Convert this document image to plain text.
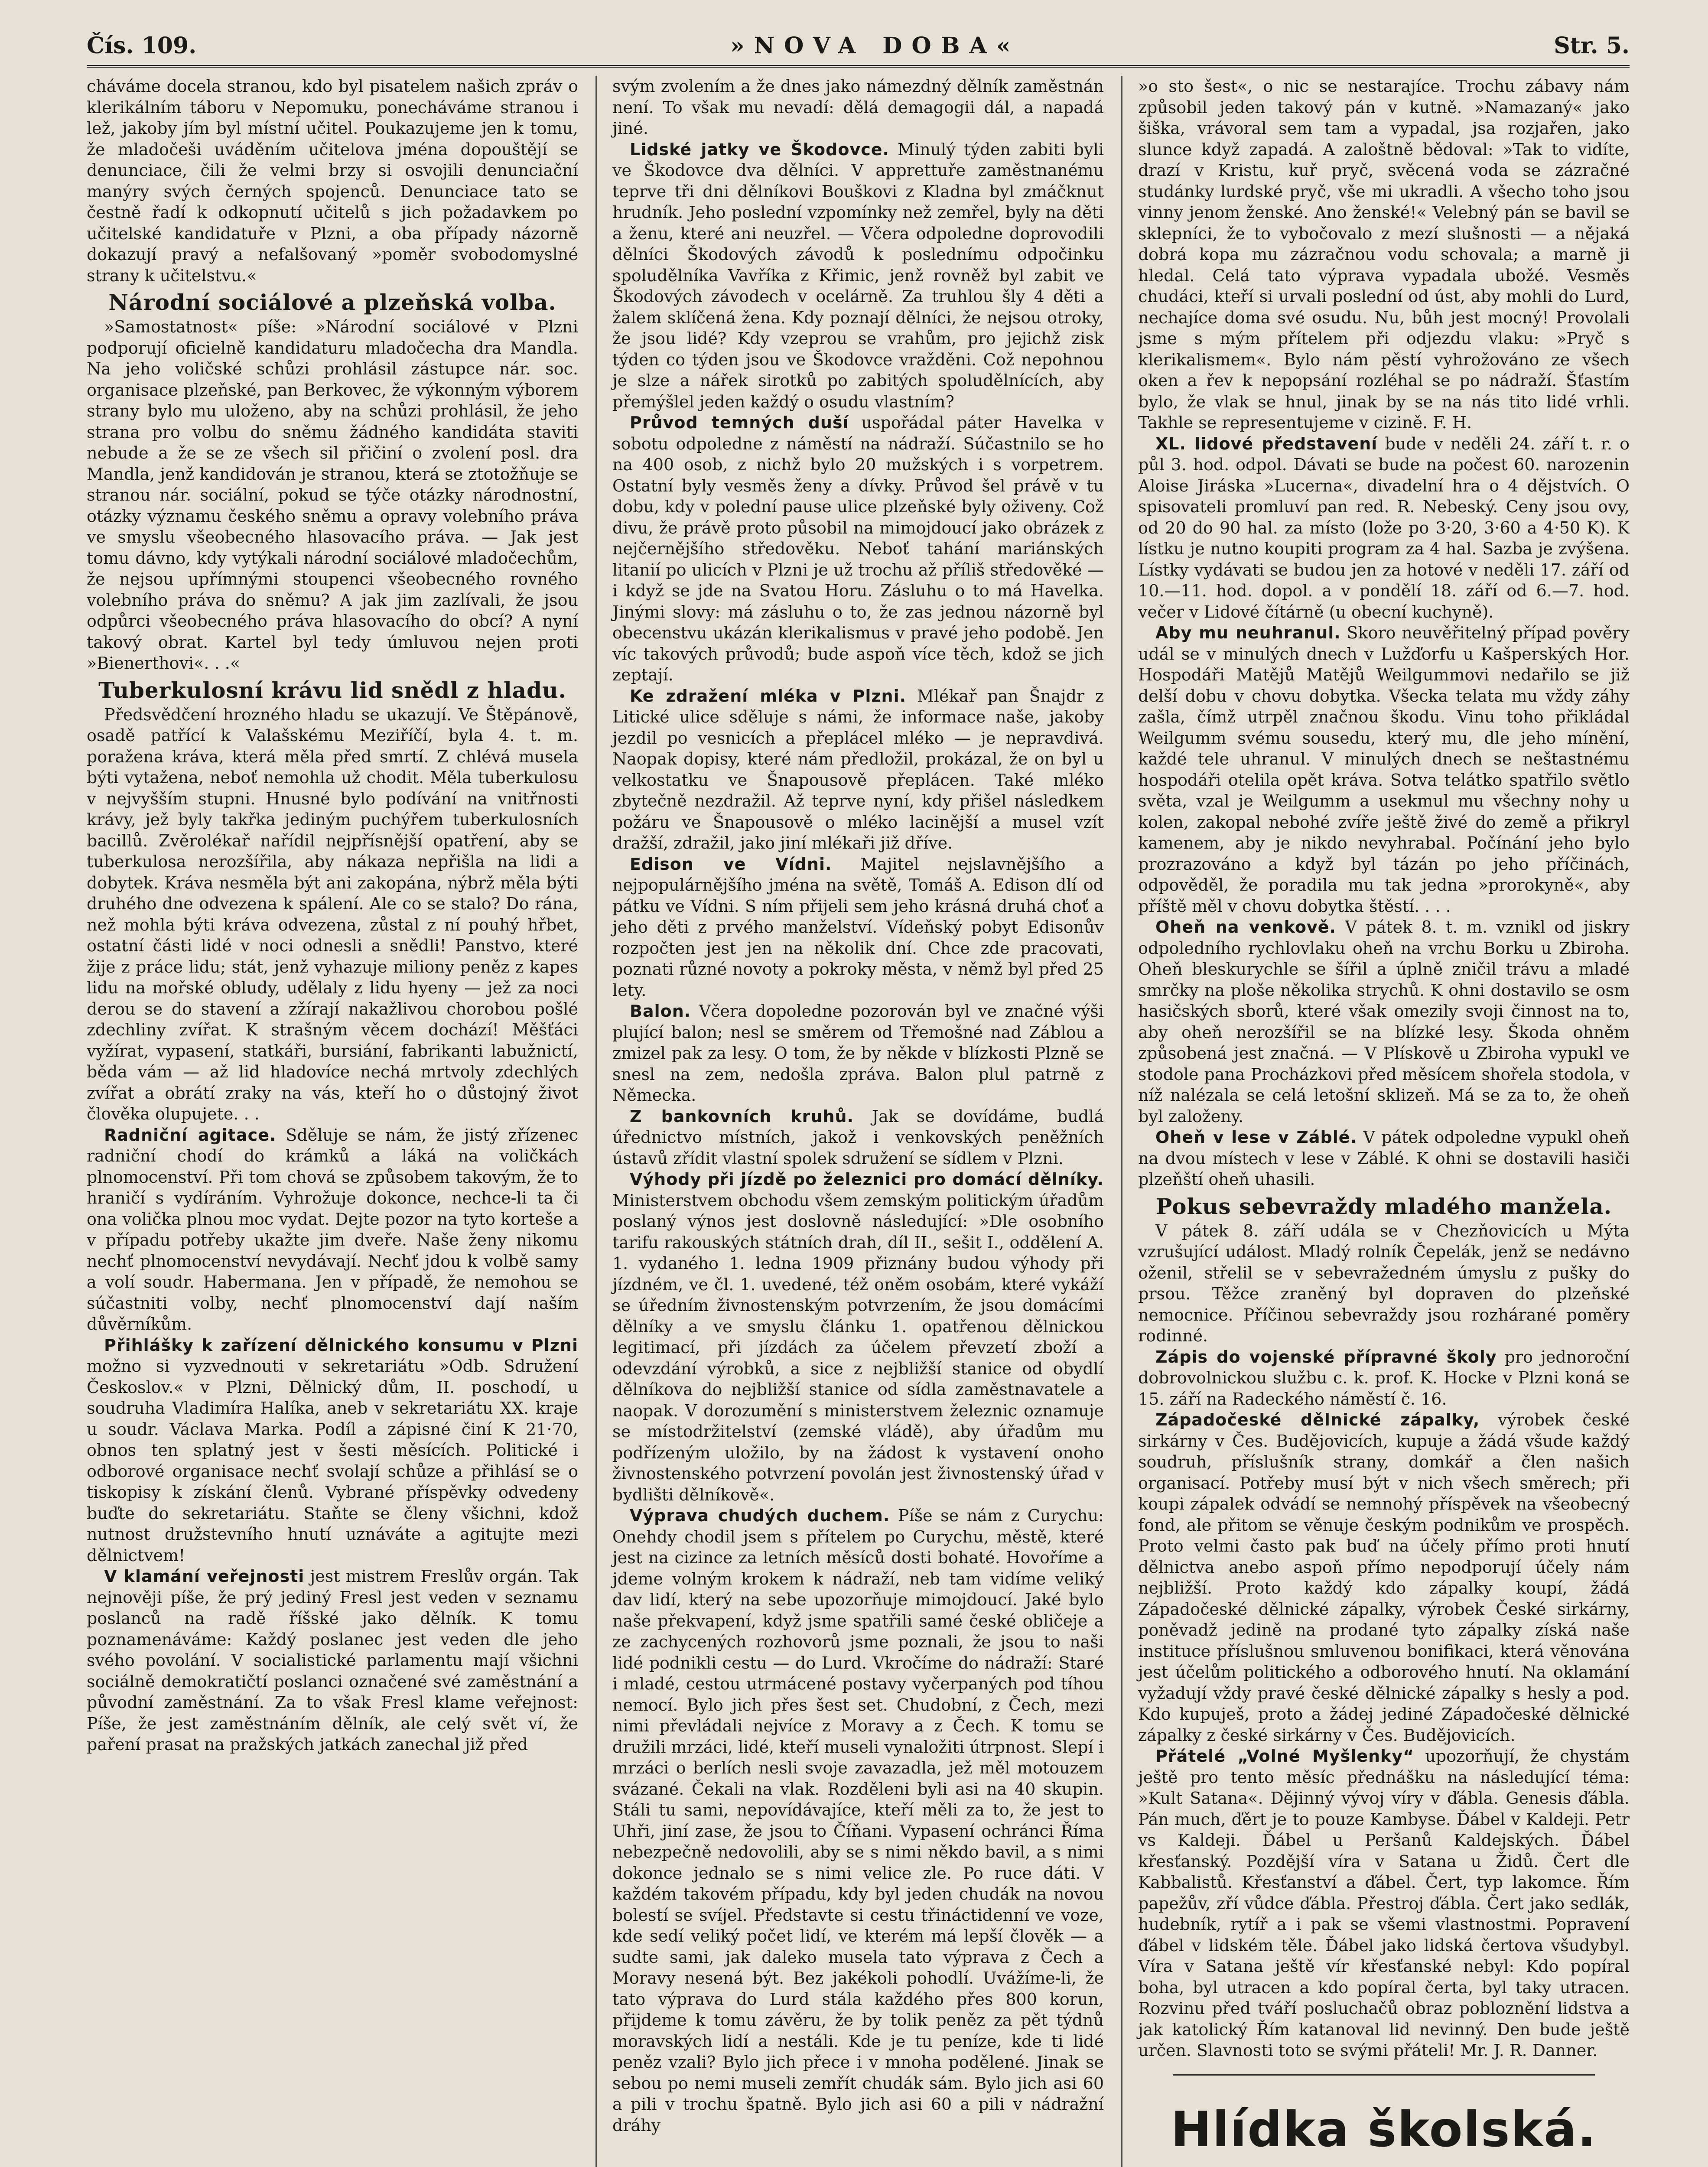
Čís. 109.	»NOVA DOBA«	Str. 5.

cháváme docela stranou, kdo byl pisatelem našich zpráv o klerikálním táboru v Nepomuku, ponecháváme stranou i lež, jakoby jím byl místní učitel. Poukazujeme jen k tomu, že mladočeši uváděním učitelova jména dopouštějí se denunciace, čili že velmi brzy si osvojili denunciační manýry svých černých spojenců. Denunciace tato se čestně řadí k odkopnutí učitelů s jich požadavkem po učitelské kandidatuře v Plzni, a oba případy názorně dokazují pravý a nefalšovaný »poměr svobodomyslné strany k učitelstvu.«

Národní sociálové a plzeňská volba.

»Samostatnost« píše: »Národní sociálové v Plzni podporují oficielně kandidaturu mladočecha dra Mandla. Na jeho voličské schůzi prohlásil zástupce nár. soc. organisace plzeňské, pan Berkovec, že výkonným výborem strany bylo mu uloženo, aby na schůzi prohlásil, že jeho strana pro volbu do sněmu žádného kandidáta staviti nebude a že se ze všech sil přičiní o zvolení posl. dra Mandla, jenž kandidován je stranou, která se ztotožňuje se stranou nár. sociální, pokud se týče otázky národnostní, otázky významu českého sněmu a opravy volebního práva ve smyslu všeobecného hlasovacího práva. — Jak jest tomu dávno, kdy vytýkali národní sociálové mladočechům, že nejsou upřímnými stoupenci všeobecného rovného volebního práva do sněmu? A jak jim zazlívali, že jsou odpůrci všeobecného práva hlasovacího do obcí? A nyní takový obrat. Kartel byl tedy úmluvou nejen proti »Bienerthovi«. . .«

Tuberkulosní krávu lid snědl z hladu.

Předsvědčení hrozného hladu se ukazují. Ve Štěpánově, osadě patřící k Valašskému Meziříčí, byla 4. t. m. poražena kráva, která měla před smrtí. Z chlévá musela býti vytažena, neboť nemohla už chodit. Měla tuberkulosu v nejvyšším stupni. Hnusné bylo podívání na vnitřnosti krávy, jež byly takřka jediným puchýřem tuberkulosních bacillů. Zvěrolékař nařídil nejpřísnější opatření, aby se tuberkulosa nerozšířila, aby nákaza nepřišla na lidi a dobytek. Kráva nesměla být ani zakopána, nýbrž měla býti druhého dne odvezena k spálení. Ale co se stalo? Do rána, než mohla býti kráva odvezena, zůstal z ní pouhý hřbet, ostatní části lidé v noci odnesli a snědli! Panstvo, které žije z práce lidu; stát, jenž vyhazuje miliony peněz z kapes lidu na mořské obludy, udělaly z lidu hyeny — jež za noci derou se do stavení a zžírají nakažlivou chorobou pošlé zdechliny zvířat. K strašným věcem dochází! Měšťáci vyžírat, vypasení, statkáři, bursiání, fabrikanti labužnictí, běda vám — až lid hladovíce nechá mrtvoly zdechlých zvířat a obrátí zraky na vás, kteří ho o důstojný život člověka olupujete. . .

Radniční agitace. Sděluje se nám, že jistý zřízenec radniční chodí do krámků a láká na voličkách plnomocenství. Při tom chová se způsobem takovým, že to hraničí s vydíráním. Vyhrožuje dokonce, nechce-li ta či ona volička plnou moc vydat. Dejte pozor na tyto korteše a v případu potřeby ukažte jim dveře. Naše ženy nikomu nechť plnomocenství nevydávají. Nechť jdou k volbě samy a volí soudr. Habermana. Jen v případě, že nemohou se súčastniti volby, nechť plnomocenství dají naším důvěrníkům.

Přihlášky k zařízení dělnického konsumu v Plzni možno si vyzvednouti v sekretariátu »Odb. Sdružení Českoslov.« v Plzni, Dělnický dům, II. poschodí, u soudruha Vladimíra Halíka, aneb v sekretariátu XX. kraje u soudr. Václava Marka. Podíl a zápisné činí K 21·70, obnos ten splatný jest v šesti měsících. Politické i odborové organisace nechť svolají schůze a přihlásí se o tiskopisy k získání členů. Vybrané příspěvky odvedeny buďte do sekretariátu. Staňte se členy všichni, kdož nutnost družstevního hnutí uznáváte a agitujte mezi dělnictvem!

V klamání veřejnosti jest mistrem Freslův orgán. Tak nejnověji píše, že prý jediný Fresl jest veden v seznamu poslanců na radě říšské jako dělník. K tomu poznamenáváme: Každý poslanec jest veden dle jeho svého povolání. V socialistické parlamentu mají všichni sociálně demokratičtí poslanci označené své zaměstnání a původní zaměstnání. Za to však Fresl klame veřejnost: Píše, že jest zaměstnáním dělník, ale celý svět ví, že paření prasat na pražských jatkách zanechal již před

svým zvolením a že dnes jako námezdný dělník zaměstnán není. To však mu nevadí: dělá demagogii dál, a napadá jiné.

Lidské jatky ve Škodovce. Minulý týden zabiti byli ve Škodovce dva dělníci. V apprettuře zaměstnanému teprve tři dni dělníkovi Bouškovi z Kladna byl zmáčknut hrudník. Jeho poslední vzpomínky než zemřel, byly na děti a ženu, které ani neuzřel. — Včera odpoledne doprovodili dělníci Škodových závodů k poslednímu odpočinku spoludělníka Vavříka z Křimic, jenž rovněž byl zabit ve Škodových závodech v ocelárně. Za truhlou šly 4 děti a žalem sklíčená žena. Kdy poznají dělníci, že nejsou otroky, že jsou lidé? Kdy vzeprou se vrahům, pro jejichž zisk týden co týden jsou ve Škodovce vražděni. Což nepohnou je slze a nářek sirotků po zabitých spoludělnících, aby přemýšlel jeden každý o osudu vlastním?

Průvod temných duší uspořádal páter Havelka v sobotu odpoledne z náměstí na nádraží. Súčastnilo se ho na 400 osob, z nichž bylo 20 mužských i s vorpetrem. Ostatní byly vesměs ženy a dívky. Průvod šel právě v tu dobu, kdy v polední pause ulice plzeňské byly oživeny. Což divu, že právě proto působil na mimojdoucí jako obrázek z nejčernějšího středověku. Neboť tahání mariánských litanií po ulicích v Plzni je už trochu až příliš středověké — i když se jde na Svatou Horu. Zásluhu o to má Havelka. Jinými slovy: má zásluhu o to, že zas jednou názorně byl obecenstvu ukázán klerikalismus v pravé jeho podobě. Jen víc takových průvodů; bude aspoň více těch, kdož se jich zeptají.

Ke zdražení mléka v Plzni. Mlékař pan Šnajdr z Litické ulice sděluje s námi, že informace naše, jakoby jezdil po vesnicích a přeplácel mléko — je nepravdivá. Naopak dopisy, které nám předložil, prokázal, že on byl u velkostatku ve Šnapousově přeplácen. Také mléko zbytečně nezdražil. Až teprve nyní, kdy přišel následkem požáru ve Šnapousově o mléko lacinější a musel vzít dražší, zdražil, jako jiní mlékaři již dříve.

Edison ve Vídni. Majitel nejslavnějšího a nejpopulárnějšího jména na světě, Tomáš A. Edison dlí od pátku ve Vídni. S ním přijeli sem jeho krásná druhá choť a jeho děti z prvého manželství. Vídeňský pobyt Edisonův rozpočten jest jen na několik dní. Chce zde pracovati, poznati různé novoty a pokroky města, v němž byl před 25 lety.

Balon. Včera dopoledne pozorován byl ve značné výši plující balon; nesl se směrem od Třemošné nad Záblou a zmizel pak za lesy. O tom, že by někde v blízkosti Plzně se snesl na zem, nedošla zpráva. Balon plul patrně z Německa.

Z bankovních kruhů. Jak se dovídáme, budlá úřednictvo místních, jakož i venkovských peněžních ústavů zřídit vlastní spolek sdružení se sídlem v Plzni.

Výhody při jízdě po železnici pro domácí dělníky. Ministerstvem obchodu všem zemským politickým úřadům poslaný výnos jest doslovně následující: »Dle osobního tarifu rakouských státních drah, díl II., sešit I., oddělení A. 1. vydaného 1. ledna 1909 přiznány budou výhody při jízdném, ve čl. 1. uvedené, též oněm osobám, které vykáží se úředním živnostenským potvrzením, že jsou domácími dělníky a ve smyslu článku 1. opatřenou dělnickou legitimací, při jízdách za účelem převzetí zboží a odevzdání výrobků, a sice z nejbližší stanice od obydlí dělníkova do nejbližší stanice od sídla zaměstnavatele a naopak. V dorozumění s ministerstvem železnic oznamuje se místodržitelství (zemské vládě), aby úřadům mu podřízeným uložilo, by na žádost k vystavení onoho živnostenského potvrzení povolán jest živnostenský úřad v bydlišti dělníkově«.

Výprava chudých duchem. Píše se nám z Curychu: Onehdy chodil jsem s přítelem po Curychu, městě, které jest na cizince za letních měsíců dosti bohaté. Hovoříme a jdeme volným krokem k nádraží, neb tam vidíme veliký dav lidí, který na sebe upozorňuje mimojdoucí. Jaké bylo naše překvapení, když jsme spatřili samé české obličeje a ze zachycených rozhovorů jsme poznali, že jsou to naši lidé podnikli cestu — do Lurd. Vkročíme do nádraží: Staré i mladé, cestou utrmácené postavy vyčerpaných pod tíhou nemocí. Bylo jich přes šest set. Chudobní, z Čech, mezi nimi převládali nejvíce z Moravy a z Čech. K tomu se družili mrzáci, lidé, kteří museli vynaložiti útrpnost. Slepí i mrzáci o berlích nesli svoje zavazadla, jež měl motouzem svázané. Čekali na vlak. Rozděleni byli asi na 40 skupin. Stáli tu sami, nepovídávajíce, kteří měli za to, že jest to Uhři, jiní zase, že jsou to Číňani. Vypasení ochránci Říma nebezpečně nedovolili, aby se s nimi někdo bavil, a s nimi dokonce jednalo se s nimi velice zle. Po ruce dáti. V každém takovém případu, kdy byl jeden chudák na novou bolestí se svíjel. Představte si cestu třináctidenní ve voze, kde sedí veliký počet lidí, ve kterém má lepší člověk — a sudte sami, jak daleko musela tato výprava z Čech a Moravy nesená být. Bez jakékoli pohodlí. Uvážíme-li, že tato výprava do Lurd stála každého přes 800 korun, přijdeme k tomu závěru, že by tolik peněz za pět týdnů moravských lidí a nestáli. Kde je tu peníze, kde ti lidé peněz vzali? Bylo jich přece i v mnoha podělené. Jinak se sebou po nemi museli zemřít chudák sám. Bylo jich asi 60 a pili v trochu špatně. Bylo jich asi 60 a pili v nádražní dráhy

»o sto šest«, o nic se nestarajíce. Trochu zábavy nám způsobil jeden takový pán v kutně. »Namazaný« jako šiška, vrávoral sem tam a vypadal, jsa rozjařen, jako slunce když zapadá. A zaloštně bědoval: »Tak to vidíte, drazí v Kristu, kuř pryč, svěcená voda se zázračné studánky lurdské pryč, vše mi ukradli. A všecho toho jsou vinny jenom ženské. Ano ženské!« Velebný pán se bavil se sklepníci, že to vybočovalo z mezí slušnosti — a nějaká dobrá kopa mu zázračnou vodu schovala; a marně ji hledal. Celá tato výprava vypadala ubožé. Vesměs chudáci, kteří si urvali poslední od úst, aby mohli do Lurd, nechajíce doma své osudu. Nu, bůh jest mocný! Provolali jsme s mým přítelem při odjezdu vlaku: »Pryč s klerikalismem«. Bylo nám pěstí vyhrožováno ze všech oken a řev k nepopsání rozléhal se po nádraží. Šťastím bylo, že vlak se hnul, jinak by se na nás tito lidé vrhli. Takhle se representujeme v cizině. F. H.

XL. lidové představení bude v neděli 24. září t. r. o půl 3. hod. odpol. Dávati se bude na počest 60. narozenin Aloise Jiráska »Lucerna«, divadelní hra o 4 dějstvích. O spisovateli promluví pan red. R. Nebeský. Ceny jsou ovy, od 20 do 90 hal. za místo (lože po 3·20, 3·60 a 4·50 K). K lístku je nutno koupiti program za 4 hal. Sazba je zvýšena. Lístky vydávati se budou jen za hotové v neděli 17. září od 10.—11. hod. dopol. a v pondělí 18. září od 6.—7. hod. večer v Lidové čítárně (u obecní kuchyně).

Aby mu neuhranul. Skoro neuvěřitelný případ pověry udál se v minulých dnech v Lužďorfu u Kašperských Hor. Hospodáři Matějů Matějů Weilgummovi nedařilo se již delší dobu v chovu dobytka. Všecka telata mu vždy záhy zašla, čímž utrpěl značnou škodu. Vinu toho přikládal Weilgumm svému sousedu, který mu, dle jeho mínění, každé tele uhranul. V minulých dnech se neštastnému hospodáři otelila opět kráva. Sotva telátko spatřilo světlo světa, vzal je Weilgumm a usekmul mu všechny nohy u kolen, zakopal nebohé zvíře ještě živé do země a přikryl kamenem, aby je nikdo nevyhrabal. Počínání jeho bylo prozrazováno a když byl tázán po jeho příčinách, odpověděl, že poradila mu tak jedna »prorokyně«, aby příště měl v chovu dobytka štěstí. . . .

Oheň na venkově. V pátek 8. t. m. vznikl od jiskry odpoledního rychlovlaku oheň na vrchu Borku u Zbiroha. Oheň bleskurychle se šířil a úplně zničil trávu a mladé smrčky na ploše několika strychů. K ohni dostavilo se osm hasičských sborů, které však omezily svoji činnost na to, aby oheň nerozšířil se na blízké lesy. Škoda ohněm způsobená jest značná. — V Plískově u Zbiroha vypukl ve stodole pana Procházkovi před měsícem shořela stodola, v níž nalézala se celá letošní sklizeň. Má se za to, že oheň byl založeny.

Oheň v lese v Záblé. V pátek odpoledne vypukl oheň na dvou místech v lese v Záblé. K ohni se dostavili hasiči plzeňští oheň uhasili.

Pokus sebevraždy mladého manžela.

V pátek 8. září udála se v Chezňovicích u Mýta vzrušující událost. Mladý rolník Čepelák, jenž se nedávno oženil, střelil se v sebevražedném úmyslu z pušky do prsou. Těžce zraněný byl dopraven do plzeňské nemocnice. Příčinou sebevraždy jsou rozhárané poměry rodinné.

Zápis do vojenské přípravné školy pro jednoroční dobrovolnickou službu c. k. prof. K. Hocke v Plzni koná se 15. září na Radeckého náměstí č. 16.

Západočeské dělnické zápalky, výrobek české sirkárny v Čes. Budějovicích, kupuje a žádá všude každý soudruh, příslušník strany, domkář a člen našich organisací. Potřeby musí být v nich všech směrech; při koupi zápalek odvádí se nemnohý příspěvek na všeobecný fond, ale přitom se věnuje českým podnikům ve prospěch. Proto velmi často pak buď na účely přímo proti hnutí dělnictva anebo aspoň přímo nepodporují účely nám nejbližší. Proto každý kdo zápalky koupí, žádá Západočeské dělnické zápalky, výrobek České sirkárny, poněvadž jedině na prodané tyto zápalky získá naše instituce příslušnou smluvenou bonifikaci, která věnována jest účelům politického a odborového hnutí. Na oklamání vyžadují vždy pravé české dělnické zápalky s hesly a pod. Kdo kupuješ, proto a žádej jediné Západočeské dělnické zápalky z české sirkárny v Čes. Budějovicích.

Přátelé „Volné Myšlenky“ upozorňují, že chystám ještě pro tento měsíc přednášku na následující téma: »Kult Satana«. Dějinný vývoj víry v ďábla. Genesis ďábla. Pán much, ďěrt je to pouze Kambyse. Ďábel v Kaldeji. Petr vs Kaldeji. Ďábel u Peršanů Kaldejských. Ďábel křesťanský. Pozdější víra v Satana u Židů. Čert dle Kabbalistů. Křesťanství a ďábel. Čert, typ lakomce. Řím papežův, zří vůdce ďábla. Přestroj ďábla. Čert jako sedlák, hudebník, rytíř a i pak se všemi vlastnostmi. Popravení ďábel v lidském těle. Ďábel jako lidská čertova všudybyl. Víra v Satana ještě vír křesťanské nebyl: Kdo popíral boha, byl utracen a kdo popíral čerta, byl taky utracen. Rozvinu před tváří posluchačů obraz pobloznění lidstva a jak katolický Řím katanoval lid nevinný. Den bude ještě určen. Slavnosti toto se svými přáteli! Mr. J. R. Danner.

Hlídka školská.
